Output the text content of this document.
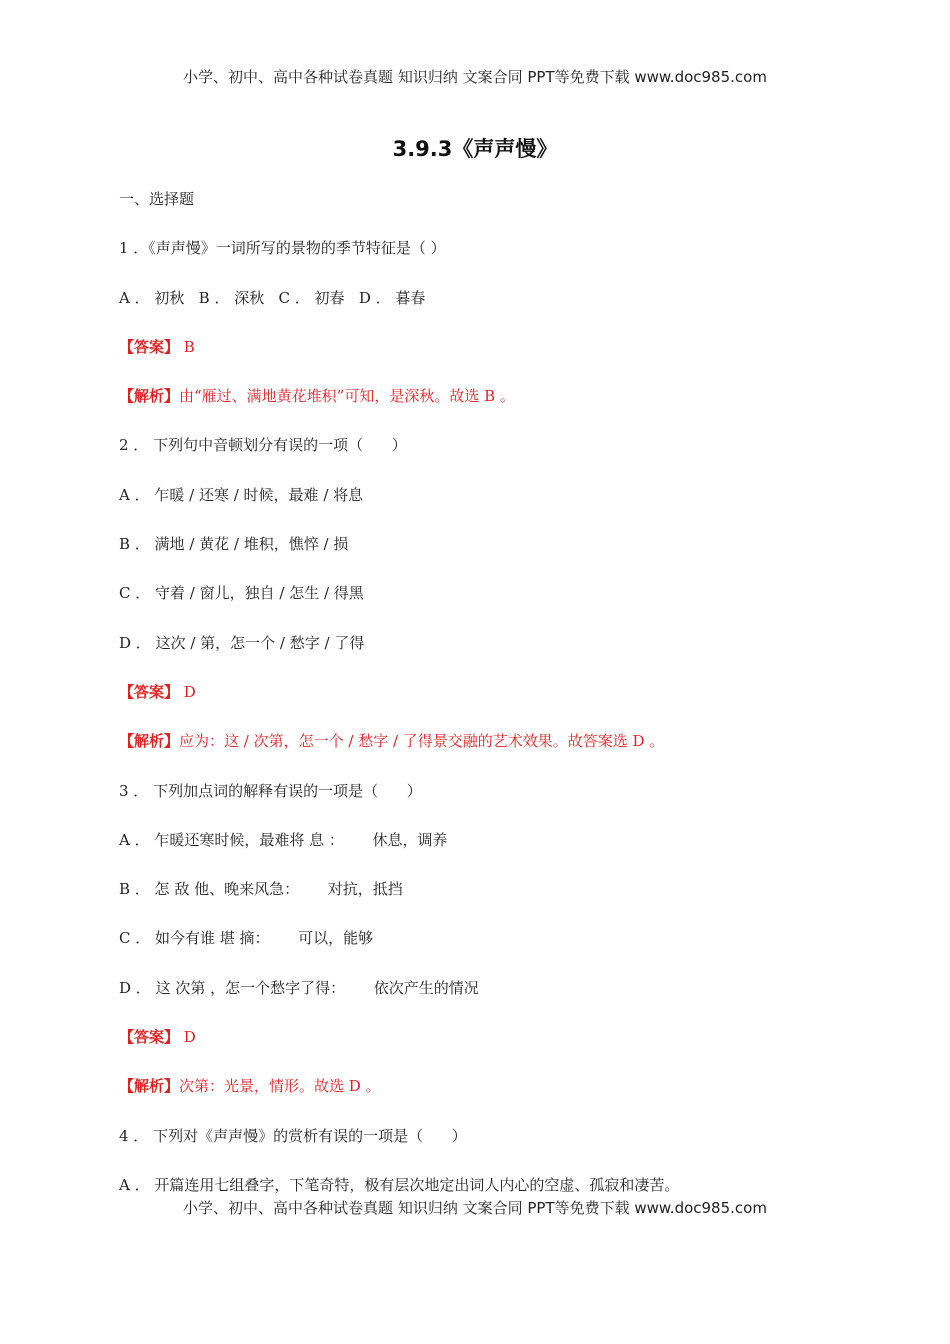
小学、初中、高中各种试卷真题 知识归纳 文案合同 PPT等免费下载 www.doc985.com
3.9.3《声声慢》
一、选择题
1 ．《声声慢》一词所写的景物的季节特征是（ ）
A ． 初秋   B ． 深秋   C ． 初春   D ． 暮春
【答案】 B
【解析】由“雁过、满地黄花堆积”可知，是深秋。故选 B 。
2 ． 下列句中音顿划分有误的一项（      ）
A ． 乍暖 / 还寒 / 时候，最难 / 将息
B ． 满地 / 黄花 / 堆积，憔悴 / 损
C ． 守着 / 窗儿，独自 / 怎生 / 得黑
D ． 这次 / 第，怎一个 / 愁字 / 了得
【答案】 D
【解析】应为：这 / 次第，怎一个 / 愁字 / 了得景交融的艺术效果。故答案选 D 。
3 ． 下列加点词的解释有误的一项是（      ）
A ． 乍暖还寒时候，最难将 息 ：      休息，调养
B ． 怎 敌 他、晚来风急：      对抗，抵挡
C ． 如今有谁 堪 摘：      可以，能够
D ． 这 次第 ，怎一个愁字了得：      依次产生的情况
【答案】 D
【解析】次第：光景，情形。故选 D 。
4 ． 下列对《声声慢》的赏析有误的一项是（      ）
A ． 开篇连用七组叠字，下笔奇特，极有层次地定出词人内心的空虚、孤寂和凄苦。
小学、初中、高中各种试卷真题 知识归纳 文案合同 PPT等免费下载 www.doc985.com
